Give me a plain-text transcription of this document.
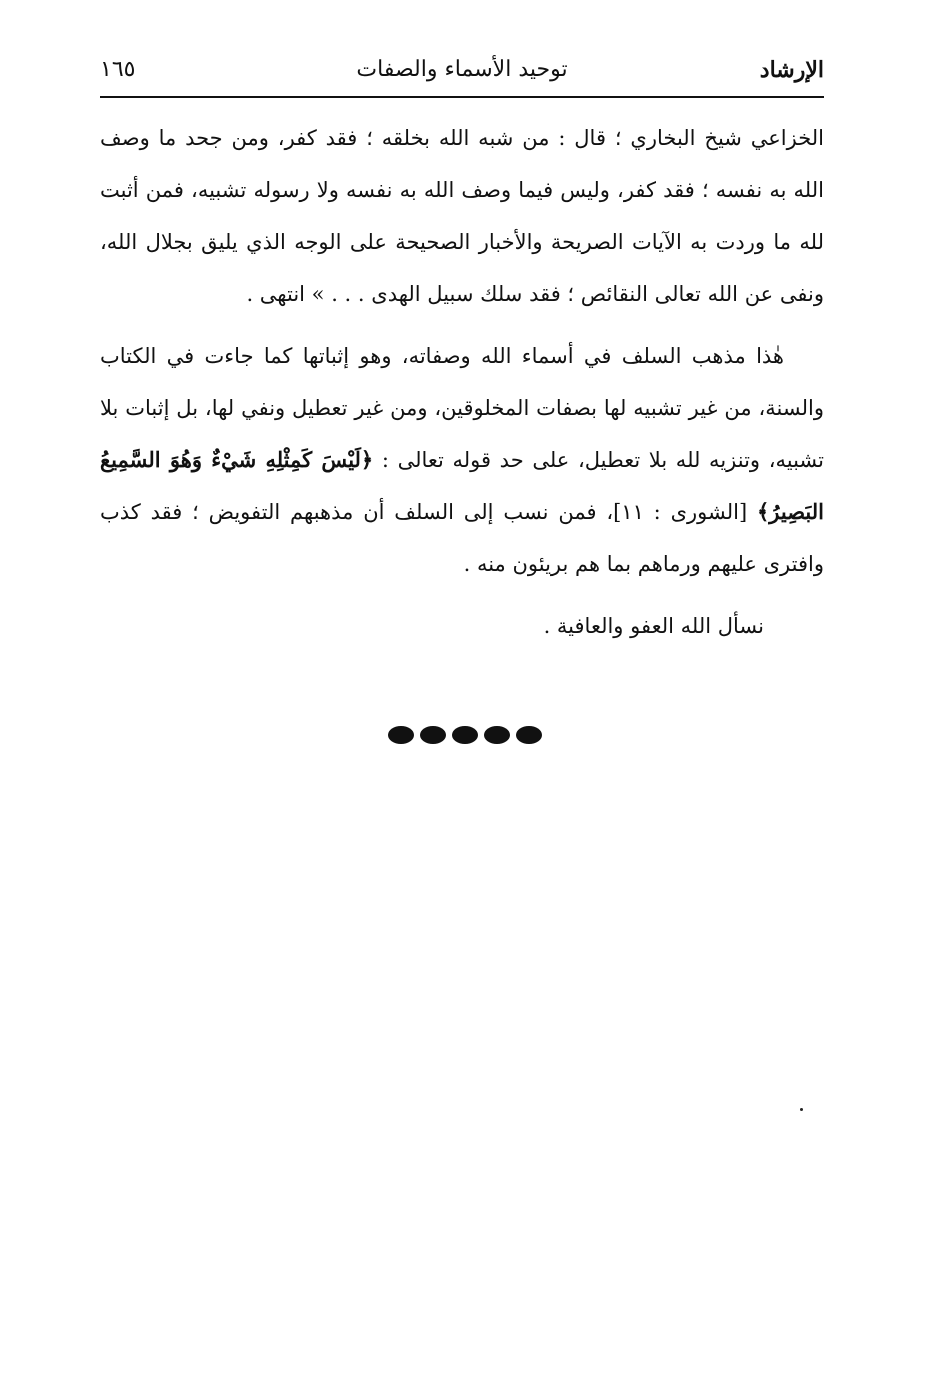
١٦٥	توحيد الأسماء والصفات	الإرشاد

الخزاعي شيخ البخاري ؛ قال : من شبه الله بخلقه ؛ فقد كفر، ومن جحد ما وصف الله به نفسه ؛ فقد كفر، وليس فيما وصف الله به نفسه ولا رسوله تشبيه، فمن أثبت لله ما وردت به الآيات الصريحة والأخبار الصحيحة على الوجه الذي يليق بجلال الله، ونفى عن الله تعالى النقائص ؛ فقد سلك سبيل الهدى . . . » انتهى .

هٰذا مذهب السلف في أسماء الله وصفاته، وهو إثباتها كما جاءت في الكتاب والسنة، من غير تشبيه لها بصفات المخلوقين، ومن غير تعطيل ونفي لها، بل إثبات بلا تشبيه، وتنزيه لله بلا تعطيل، على حد قوله تعالى : ﴿لَيْسَ كَمِثْلِهِ شَيْءٌ وَهُوَ السَّمِيعُ البَصِيرُ﴾ [الشورى : ١١]، فمن نسب إلى السلف أن مذهبهم التفويض ؛ فقد كذب وافترى عليهم ورماهم بما هم بريئون منه .

نسأل الله العفو والعافية .
